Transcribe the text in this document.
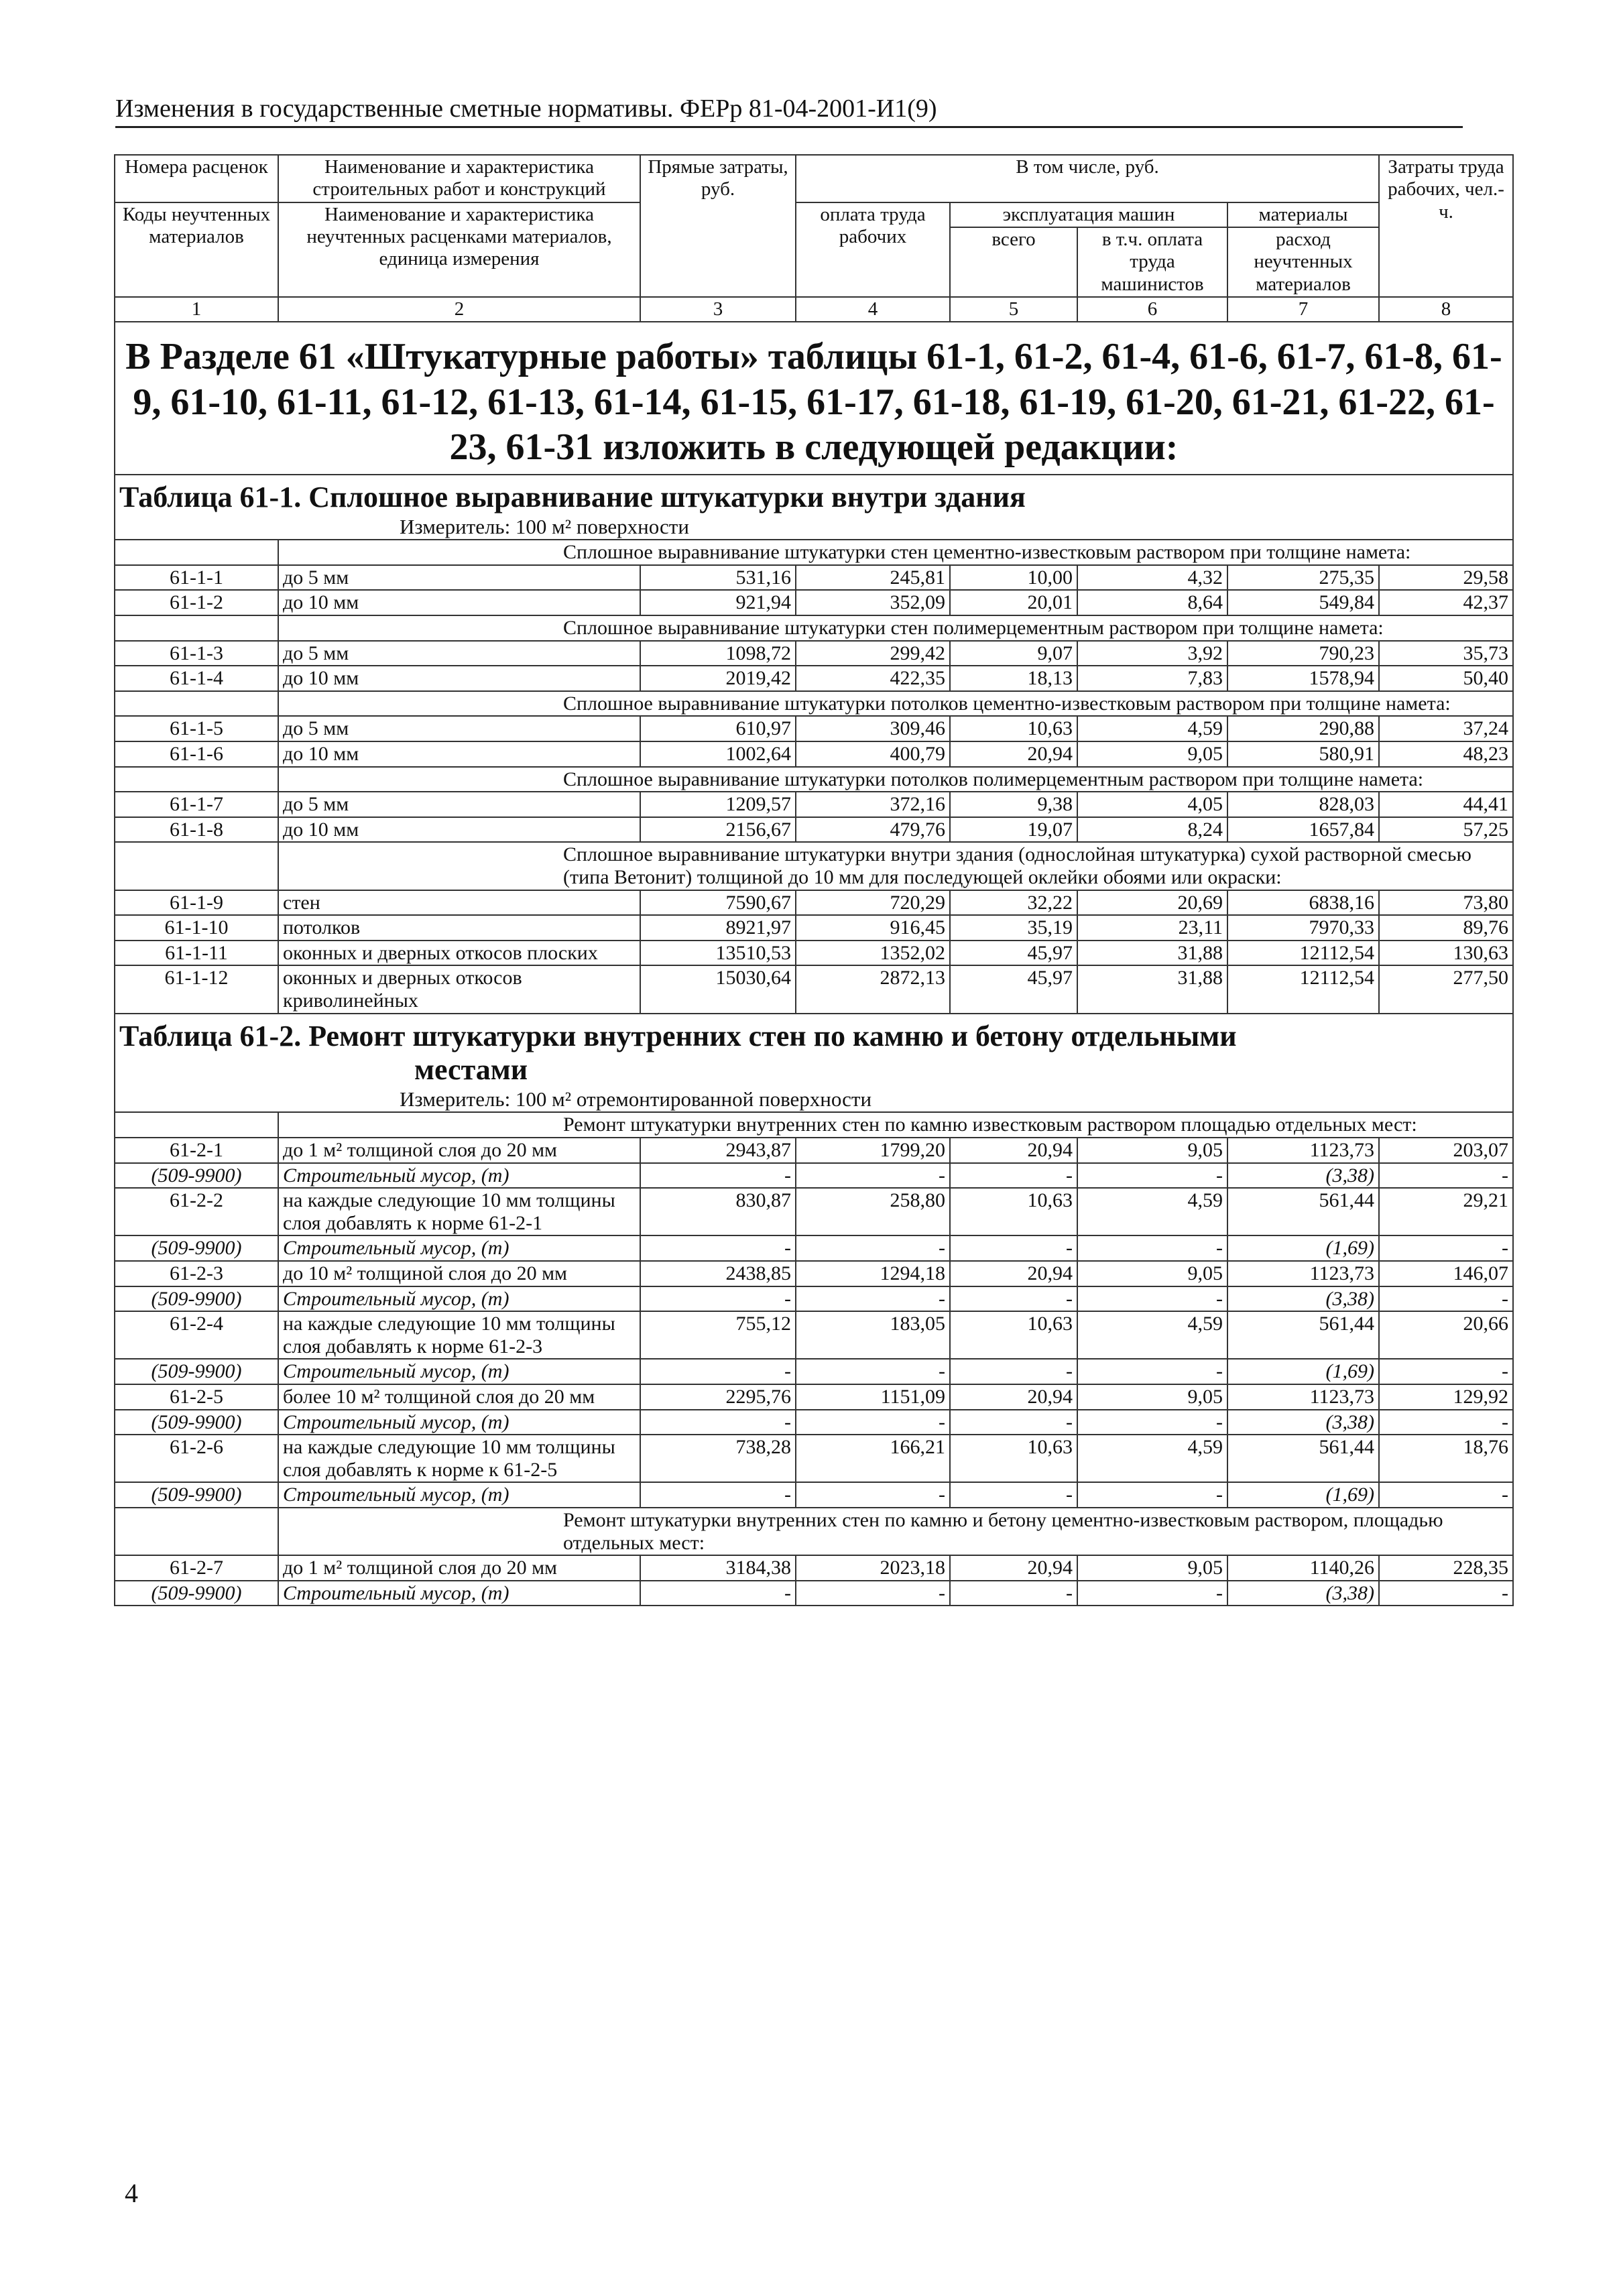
Изменения в государственные сметные нормативы. ФЕРр 81-04-2001-И1(9)
Номера расценок	Наименование и характеристика строительных работ и конструкций	Прямые затраты, руб.	В том числе, руб.				Затраты труда рабочих, чел.-ч.
Коды неучтенных материалов	Наименование и характеристика неучтенных расценками материалов, единица измерения		оплата труда рабочих	эксплуатация машин		материалы	
				всего	в т.ч. оплата труда машинистов	расход неучтенных материалов	

1	2	3	4	5	6	7	8
В Разделе 61 «Штукатурные работы» таблицы 61-1, 61-2, 61-4, 61-6, 61-7, 61-8, 61-9, 61-10, 61-11, 61-12, 61-13, 61-14, 61-15, 61-17, 61-18, 61-19, 61-20, 61-21, 61-22, 61-23, 61-31 изложить в следующей редакции:							
Таблица 61-1. Сплошное выравнивание штукатурки внутри здания							
Измеритель: 100 м² поверхности							
	Сплошное выравнивание штукатурки стен цементно-известковым раствором при толщине намета:						
61-1-1	до 5 мм	531,16	245,81	10,00	4,32	275,35	29,58
61-1-2	до 10 мм	921,94	352,09	20,01	8,64	549,84	42,37
	Сплошное выравнивание штукатурки стен полимерцементным раствором при толщине намета:						
61-1-3	до 5 мм	1098,72	299,42	9,07	3,92	790,23	35,73
61-1-4	до 10 мм	2019,42	422,35	18,13	7,83	1578,94	50,40
	Сплошное выравнивание штукатурки потолков цементно-известковым раствором при толщине намета:						
61-1-5	до 5 мм	610,97	309,46	10,63	4,59	290,88	37,24
61-1-6	до 10 мм	1002,64	400,79	20,94	9,05	580,91	48,23
	Сплошное выравнивание штукатурки потолков полимерцементным раствором при толщине намета:						
61-1-7	до 5 мм	1209,57	372,16	9,38	4,05	828,03	44,41
61-1-8	до 10 мм	2156,67	479,76	19,07	8,24	1657,84	57,25
	Сплошное выравнивание штукатурки внутри здания (однослойная штукатурка) сухой растворной смесью (типа Ветонит) толщиной до 10 мм для последующей оклейки обоями или окраски:						
61-1-9	стен	7590,67	720,29	32,22	20,69	6838,16	73,80
61-1-10	потолков	8921,97	916,45	35,19	23,11	7970,33	89,76
61-1-11	оконных и дверных откосов плоских	13510,53	1352,02	45,97	31,88	12112,54	130,63
61-1-12	оконных и дверных откосов криволинейных	15030,64	2872,13	45,97	31,88	12112,54	277,50
Таблица 61-2. Ремонт штукатурки внутренних стен по камню и бетону отдельными
местами							

Измеритель: 100 м² отремонтированной поверхности							
	Ремонт штукатурки внутренних стен по камню известковым раствором площадью отдельных мест:						
61-2-1	до 1 м² толщиной слоя до 20 мм	2943,87	1799,20	20,94	9,05	1123,73	203,07
(509-9900)	Строительный мусор, (т)	-	-	-	-	(3,38)	-
61-2-2	на каждые следующие 10 мм толщины слоя добавлять к норме 61-2-1	830,87	258,80	10,63	4,59	561,44	29,21
(509-9900)	Строительный мусор, (т)	-	-	-	-	(1,69)	-
61-2-3	до 10 м² толщиной слоя до 20 мм	2438,85	1294,18	20,94	9,05	1123,73	146,07
(509-9900)	Строительный мусор, (т)	-	-	-	-	(3,38)	-
61-2-4	на каждые следующие 10 мм толщины слоя добавлять к норме 61-2-3	755,12	183,05	10,63	4,59	561,44	20,66
(509-9900)	Строительный мусор, (т)	-	-	-	-	(1,69)	-
61-2-5	более 10 м² толщиной слоя до 20 мм	2295,76	1151,09	20,94	9,05	1123,73	129,92
(509-9900)	Строительный мусор, (т)	-	-	-	-	(3,38)	-
61-2-6	на каждые следующие 10 мм толщины слоя добавлять к норме к 61-2-5	738,28	166,21	10,63	4,59	561,44	18,76
(509-9900)	Строительный мусор, (т)	-	-	-	-	(1,69)	-
	Ремонт штукатурки внутренних стен по камню и бетону цементно-известковым раствором, площадью отдельных мест:						
61-2-7	до 1 м² толщиной слоя до 20 мм	3184,38	2023,18	20,94	9,05	1140,26	228,35
(509-9900)	Строительный мусор, (т)	-	-	-	-	(3,38)	-
4
